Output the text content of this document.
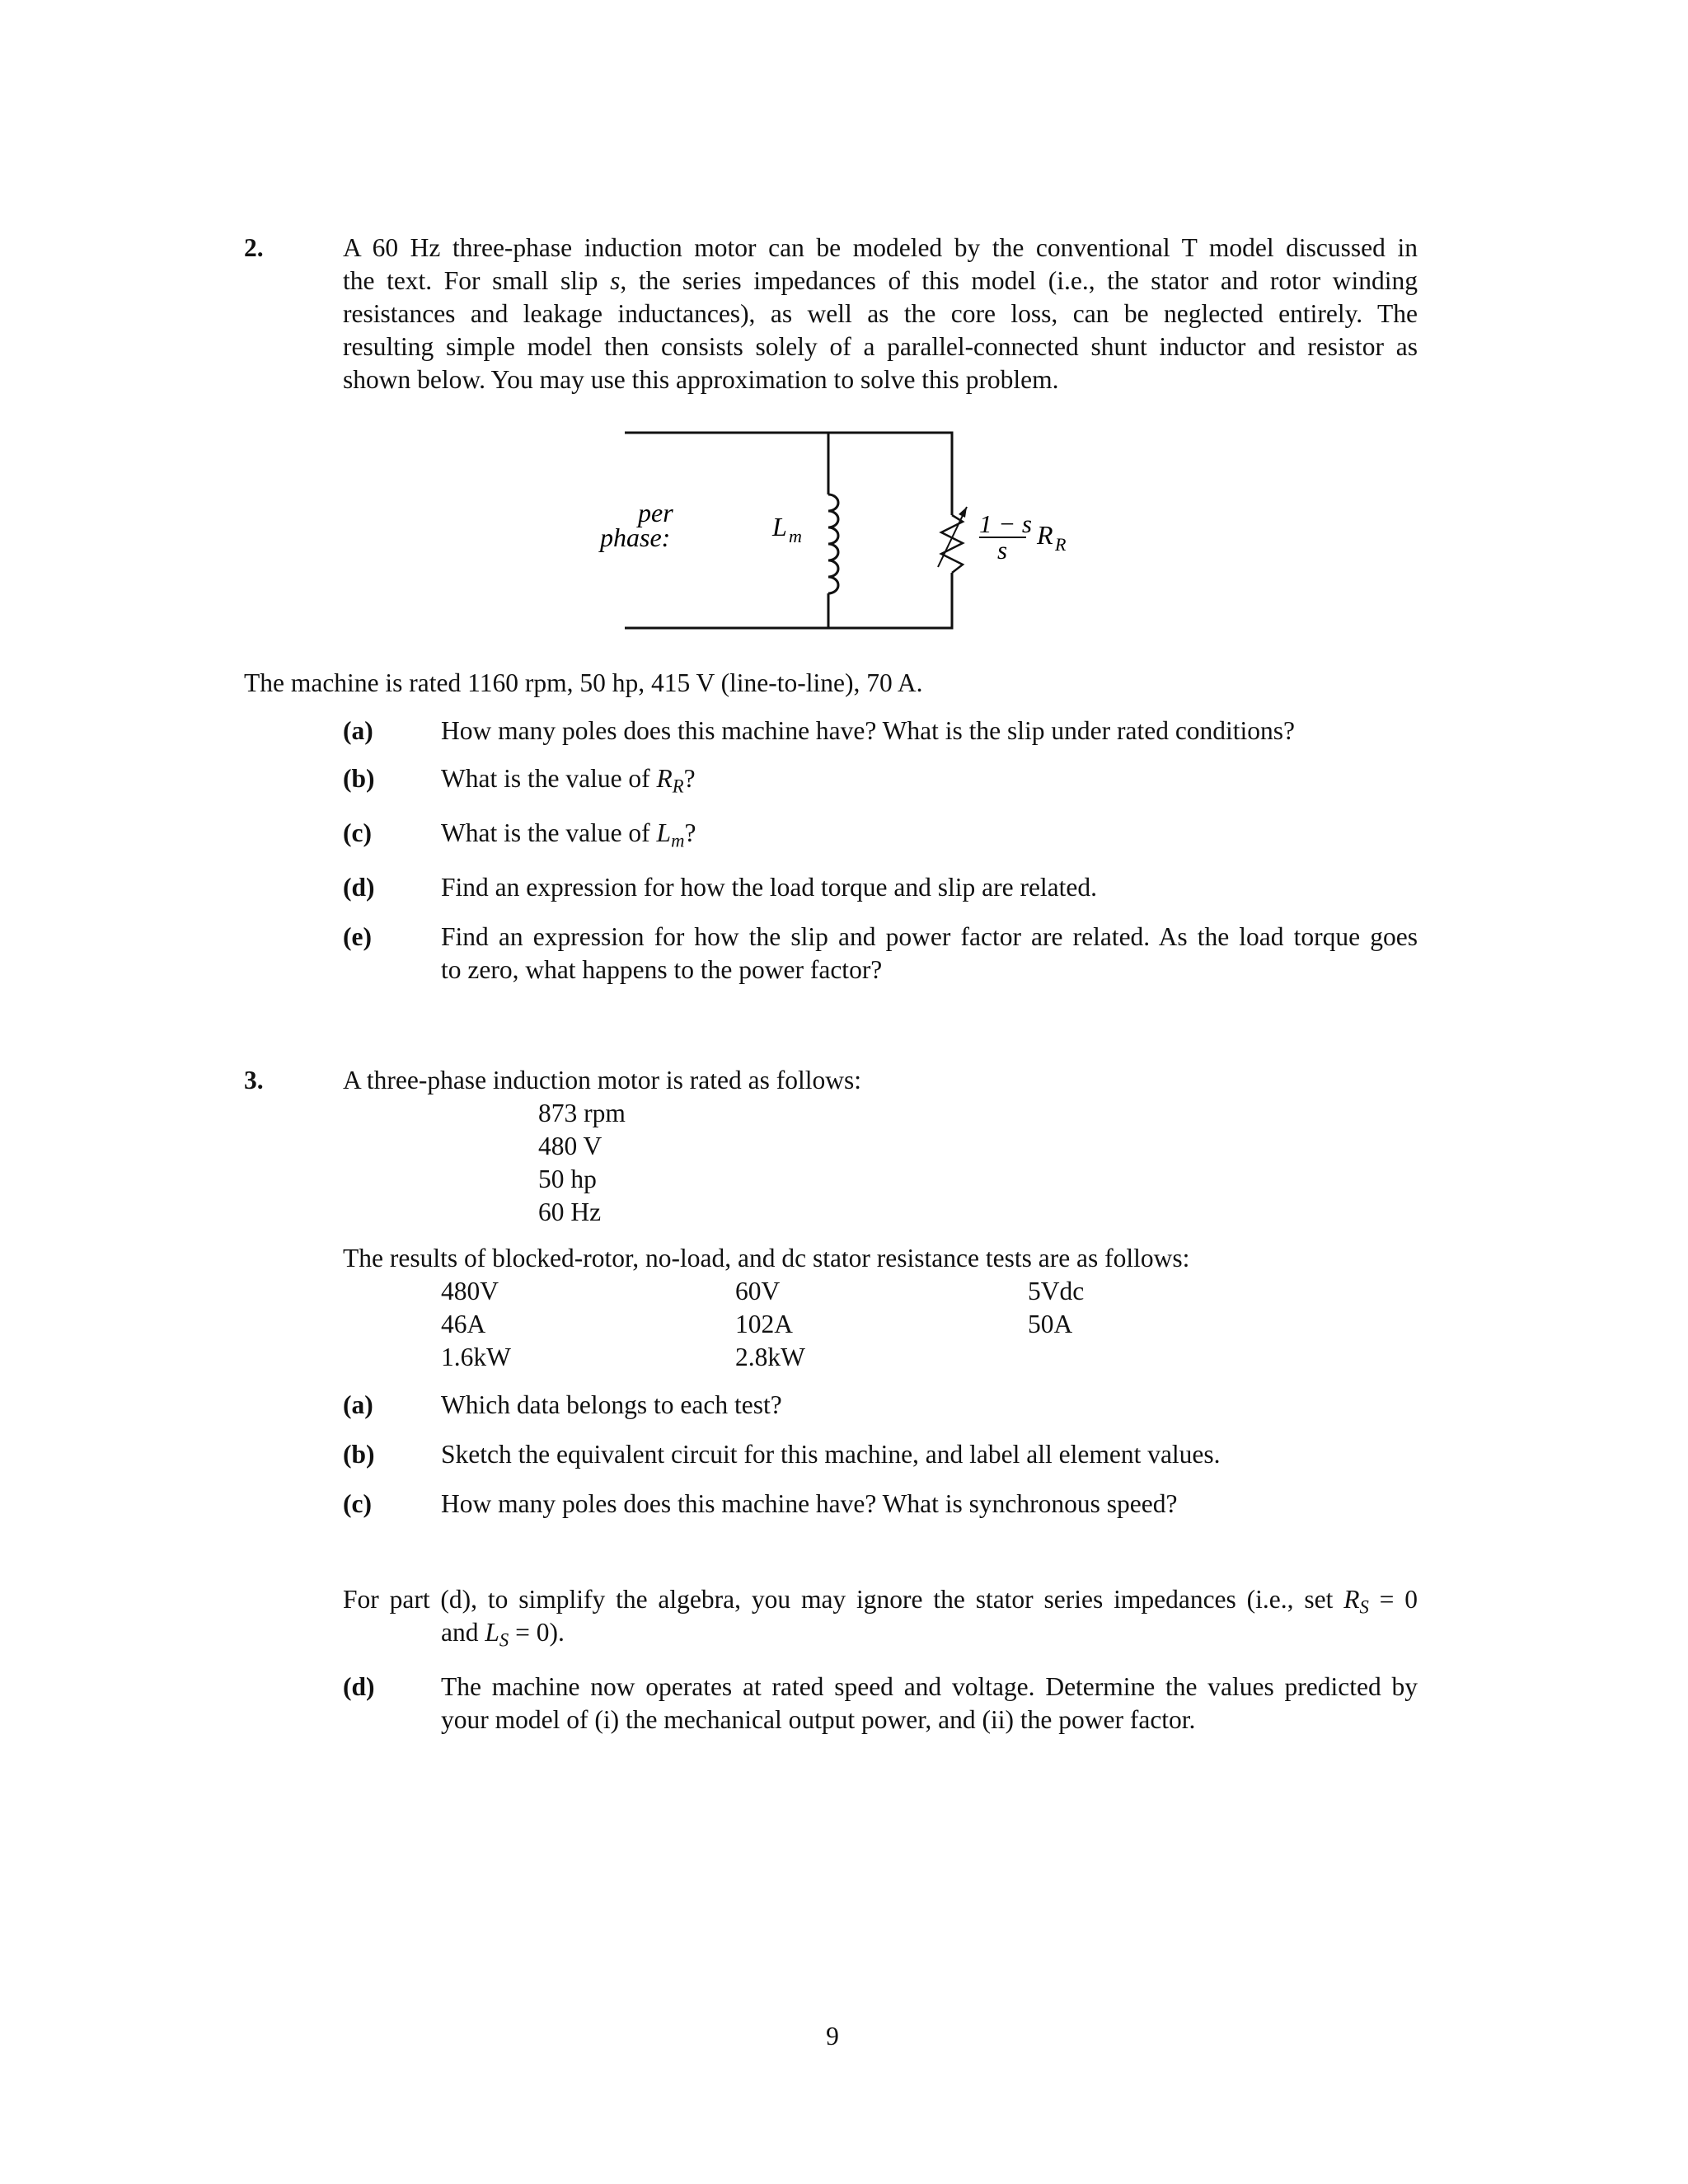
2.	A 60 Hz three-phase induction motor can be modeled by the conventional T model discussed in
the text. For small slip s, the series impedances of this model (i.e., the stator and rotor winding
resistances and leakage inductances), as well as the core loss, can be neglected entirely. The
resulting simple model then consists solely of a parallel-connected shunt inductor and resistor as
shown below. You may use this approximation to solve this problem.
per
phase:	L m	1 − s
s
R R
The machine is rated 1160 rpm, 50 hp, 415 V (line-to-line), 70 A.
(a)	How many poles does this machine have? What is the slip under rated conditions?
(b)	What is the value of $R_R$?
(c)	What is the value of $L_m$?
(d)	Find an expression for how the load torque and slip are related.
(e)	Find an expression for how the slip and power factor are related. As the load torque goes
to zero, what happens to the power factor?
3.	A three-phase induction motor is rated as follows:
873 rpm
480 V
50 hp
60 Hz
The results of blocked-rotor, no-load, and dc stator resistance tests are as follows:
480V	60V	5Vdc
46A	102A	50A
1.6kW	2.8kW
(a)	Which data belongs to each test?
(b)	Sketch the equivalent circuit for this machine, and label all element values.
(c)	How many poles does this machine have? What is synchronous speed?
For part (d), to simplify the algebra, you may ignore the stator series impedances (i.e., set $R_S = 0$
and $L_S = 0$).
(d)	The machine now operates at rated speed and voltage. Determine the values predicted by
your model of (i) the mechanical output power, and (ii) the power factor.
9
